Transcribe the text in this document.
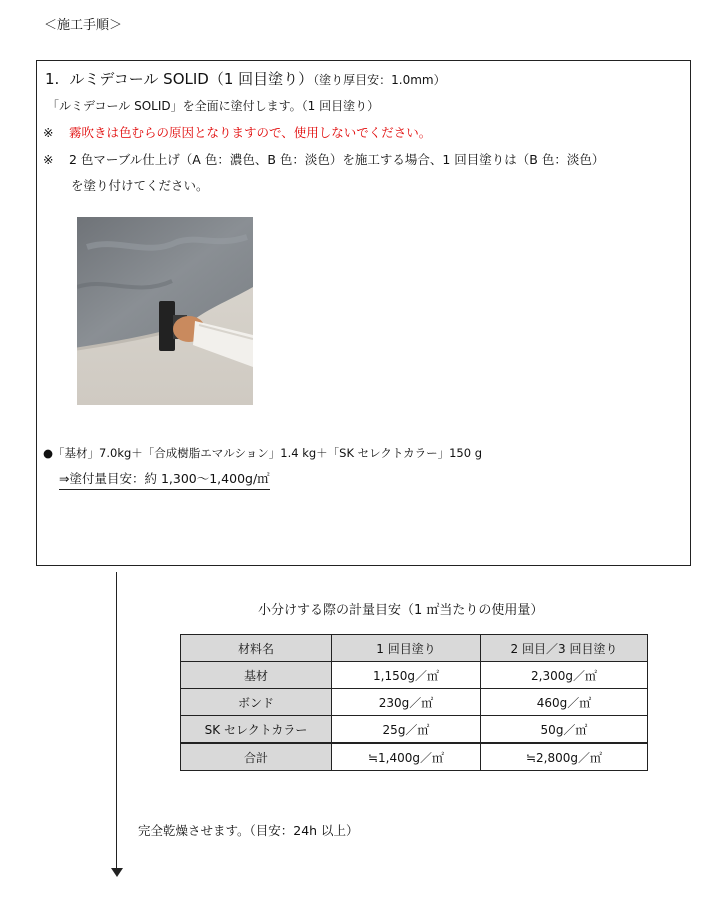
＜施工手順＞
1. ルミデコール SOLID（1 回目塗り）（塗り厚目安：1.0mm）
「ルミデコール SOLID」を全面に塗付します。（1 回目塗り）
※ 霧吹きは色むらの原因となりますので、使用しないでください。
※ 2 色マーブル仕上げ（A 色：濃色、B 色：淡色）を施工する場合、1 回目塗りは（B 色：淡色）
を塗り付けてください。
●「基材」7.0kg＋「合成樹脂エマルション」1.4 kg＋「SK セレクトカラー」150 g
⇒塗付量目安：約 1,300〜1,400g/㎡
小分けする際の計量目安（1 ㎡当たりの使用量）
材料名	1 回目塗り	2 回目／3 回目塗り
基材	1,150g／㎡	2,300g／㎡
ボンド	230g／㎡	460g／㎡
SK セレクトカラー	25g／㎡	50g／㎡
合計	≒1,400g／㎡	≒2,800g／㎡
完全乾燥させます。（目安：24h 以上）
